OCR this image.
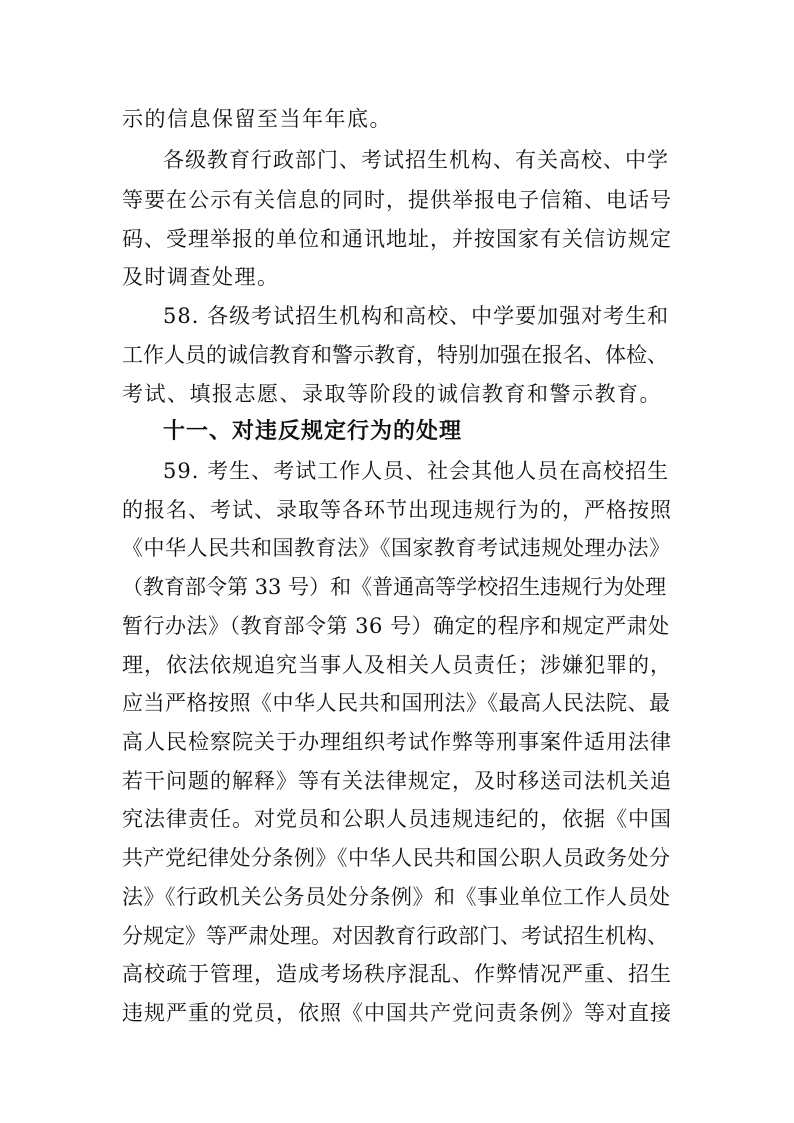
示的信息保留至当年年底。
各级教育行政部门、考试招生机构、有关高校、中学
等要在公示有关信息的同时，提供举报电子信箱、电话号
码、受理举报的单位和通讯地址，并按国家有关信访规定
及时调查处理。
58. 各级考试招生机构和高校、中学要加强对考生和
工作人员的诚信教育和警示教育，特别加强在报名、体检、
考试、填报志愿、录取等阶段的诚信教育和警示教育。
十一、对违反规定行为的处理
59. 考生、考试工作人员、社会其他人员在高校招生
的报名、考试、录取等各环节出现违规行为的，严格按照
《中华人民共和国教育法》《国家教育考试违规处理办法》
（教育部令第 33 号）和《普通高等学校招生违规行为处理
暂行办法》（教育部令第 36 号）确定的程序和规定严肃处
理，依法依规追究当事人及相关人员责任；涉嫌犯罪的，
应当严格按照《中华人民共和国刑法》《最高人民法院、最
高人民检察院关于办理组织考试作弊等刑事案件适用法律
若干问题的解释》等有关法律规定，及时移送司法机关追
究法律责任。对党员和公职人员违规违纪的，依据《中国
共产党纪律处分条例》《中华人民共和国公职人员政务处分
法》《行政机关公务员处分条例》和《事业单位工作人员处
分规定》等严肃处理。对因教育行政部门、考试招生机构、
高校疏于管理，造成考场秩序混乱、作弊情况严重、招生
违规严重的党员，依照《中国共产党问责条例》等对直接
